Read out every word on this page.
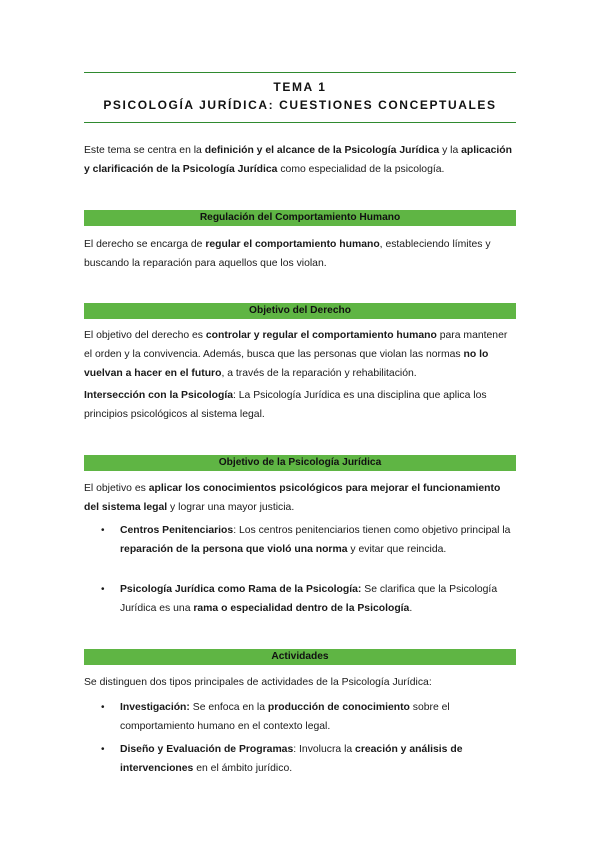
TEMA 1
PSICOLOGÍA JURÍDICA: CUESTIONES CONCEPTUALES
Este tema se centra en la definición y el alcance de la Psicología Jurídica y la aplicación y clarificación de la Psicología Jurídica como especialidad de la psicología.
Regulación del Comportamiento Humano
El derecho se encarga de regular el comportamiento humano, estableciendo límites y buscando la reparación para aquellos que los violan.
Objetivo del Derecho
El objetivo del derecho es controlar y regular el comportamiento humano para mantener el orden y la convivencia. Además, busca que las personas que violan las normas no lo vuelvan a hacer en el futuro, a través de la reparación y rehabilitación.
Intersección con la Psicología: La Psicología Jurídica es una disciplina que aplica los principios psicológicos al sistema legal.
Objetivo de la Psicología Jurídica
El objetivo es aplicar los conocimientos psicológicos para mejorar el funcionamiento del sistema legal y lograr una mayor justicia.
• Centros Penitenciarios: Los centros penitenciarios tienen como objetivo principal la reparación de la persona que violó una norma y evitar que reincida.
• Psicología Jurídica como Rama de la Psicología: Se clarifica que la Psicología Jurídica es una rama o especialidad dentro de la Psicología.
Actividades
Se distinguen dos tipos principales de actividades de la Psicología Jurídica:
• Investigación: Se enfoca en la producción de conocimiento sobre el comportamiento humano en el contexto legal.
• Diseño y Evaluación de Programas: Involucra la creación y análisis de intervenciones en el ámbito jurídico.
